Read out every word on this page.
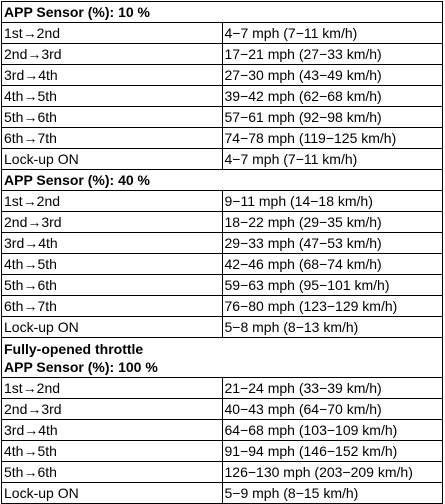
APP Sensor (%): 10 %	

1st→2nd	4−7 mph (7−11 km/h)
2nd→3rd	17−21 mph (27−33 km/h)
3rd→4th	27−30 mph (43−49 km/h)
4th→5th	39−42 mph (62−68 km/h)
5th→6th	57−61 mph (92−98 km/h)
6th→7th	74−78 mph (119−125 km/h)
Lock-up ON	4−7 mph (7−11 km/h)

APP Sensor (%): 40 %	

1st→2nd	9−11 mph (14−18 km/h)
2nd→3rd	18−22 mph (29−35 km/h)
3rd→4th	29−33 mph (47−53 km/h)
4th→5th	42−46 mph (68−74 km/h)
5th→6th	59−63 mph (95−101 km/h)
6th→7th	76−80 mph (123−129 km/h)
Lock-up ON	5−8 mph (8−13 km/h)

Fully-opened throttle
APP Sensor (%): 100 %	

1st→2nd	21−24 mph (33−39 km/h)
2nd→3rd	40−43 mph (64−70 km/h)
3rd→4th	64−68 mph (103−109 km/h)
4th→5th	91−94 mph (146−152 km/h)
5th→6th	126−130 mph (203−209 km/h)
Lock-up ON	5−9 mph (8−15 km/h)
